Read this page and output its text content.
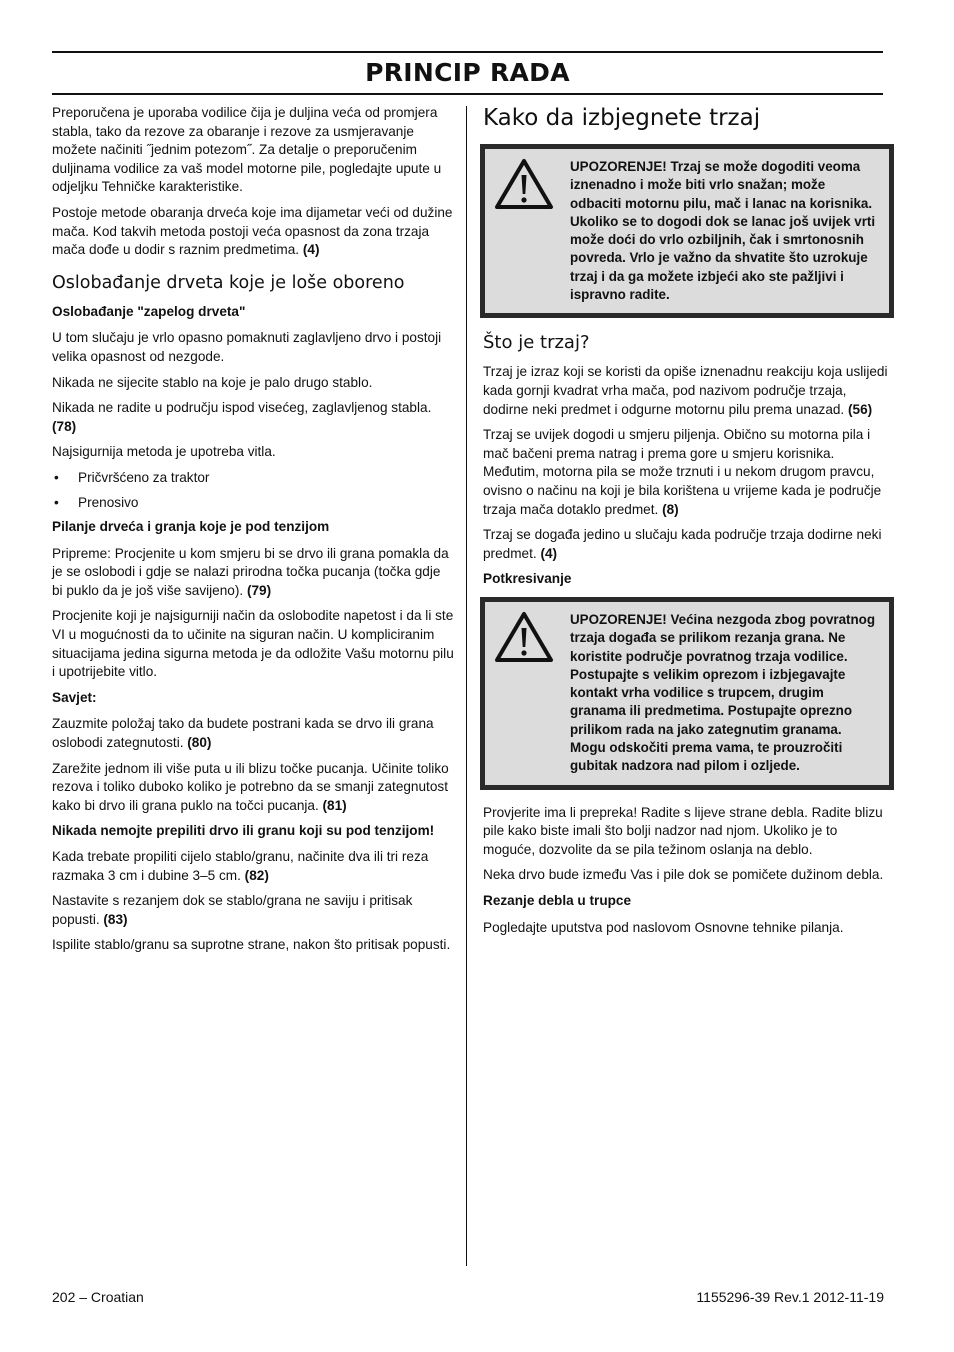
PRINCIP RADA

Preporučena je uporaba vodilice čija je duljina veća od promjera stabla, tako da rezove za obaranje i rezove za usmjeravanje možete načiniti ˝jednim potezom˝. Za detalje o preporučenim duljinama vodilice za vaš model motorne pile, pogledajte upute u odjeljku Tehničke karakteristike.

Postoje metode obaranja drveća koje ima dijametar veći od dužine mača. Kod takvih metoda postoji veća opasnost da zona trzaja mača dođe u dodir s raznim predmetima. (4)

Oslobađanje drveta koje je loše oboreno
Oslobađanje "zapelog drveta"

U tom slučaju je vrlo opasno pomaknuti zaglavljeno drvo i postoji velika opasnost od nezgode.

Nikada ne sijecite stablo na koje je palo drugo stablo.

Nikada ne radite u području ispod visećeg, zaglavljenog stabla. (78)

Najsigurnija metoda je upotreba vitla.

• Pričvršćeno za traktor
• Prenosivo
Pilanje drveća i granja koje je pod tenzijom

Pripreme: Procjenite u kom smjeru bi se drvo ili grana pomakla da je se oslobodi i gdje se nalazi prirodna točka pucanja (točka gdje bi puklo da je još više savijeno). (79)

Procjenite koji je najsigurniji način da oslobodite napetost i da li ste VI u mogućnosti da to učinite na siguran način. U kompliciranim situacijama jedina sigurna metoda je da odložite Vašu motornu pilu i upotrijebite vitlo.

Savjet:

Zauzmite položaj tako da budete postrani kada se drvo ili grana oslobodi zategnutosti. (80)

Zarežite jednom ili više puta u ili blizu točke pucanja. Učinite toliko rezova i toliko duboko koliko je potrebno da se smanji zategnutost kako bi drvo ili grana puklo na točci pucanja. (81)

Nikada nemojte prepiliti drvo ili granu koji su pod tenzijom!

Kada trebate propiliti cijelo stablo/granu, načinite dva ili tri reza razmaka 3 cm i dubine 3–5 cm. (82)

Nastavite s rezanjem dok se stablo/grana ne saviju i pritisak popusti. (83)

Ispilite stablo/granu sa suprotne strane, nakon što pritisak popusti.

Kako da izbjegnete trzaj
UPOZORENJE! Trzaj se može dogoditi veoma iznenadno i može biti vrlo snažan; može odbaciti motornu pilu, mač i lanac na korisnika. Ukoliko se to dogodi dok se lanac još uvijek vrti može doći do vrlo ozbiljnih, čak i smrtonosnih povreda. Vrlo je važno da shvatite što uzrokuje trzaj i da ga možete izbjeći ako ste pažljivi i ispravno radite.
Što je trzaj?

Trzaj je izraz koji se koristi da opiše iznenadnu reakciju koja uslijedi kada gornji kvadrat vrha mača, pod nazivom područje trzaja, dodirne neki predmet i odgurne motornu pilu prema unazad. (56)

Trzaj se uvijek dogodi u smjeru piljenja. Obično su motorna pila i mač bačeni prema natrag i prema gore u smjeru korisnika. Međutim, motorna pila se može trznuti i u nekom drugom pravcu, ovisno o načinu na koji je bila korištena u vrijeme kada je područje trzaja mača dotaklo predmet. (8)

Trzaj se događa jedino u slučaju kada područje trzaja dodirne neki predmet. (4)

Potkresivanje
UPOZORENJE! Većina nezgoda zbog povratnog trzaja događa se prilikom rezanja grana. Ne koristite područje povratnog trzaja vodilice. Postupajte s velikim oprezom i izbjegavajte kontakt vrha vodilice s trupcem, drugim granama ili predmetima. Postupajte oprezno prilikom rada na jako zategnutim granama. Mogu odskočiti prema vama, te prouzročiti gubitak nadzora nad pilom i ozljede.

Provjerite ima li prepreka! Radite s lijeve strane debla. Radite blizu pile kako biste imali što bolji nadzor nad njom. Ukoliko je to moguće, dozvolite da se pila težinom oslanja na deblo.

Neka drvo bude između Vas i pile dok se pomičete dužinom debla.

Rezanje debla u trupce

Pogledajte uputstva pod naslovom Osnovne tehnike pilanja.

202 – Croatian	1155296-39 Rev.1 2012-11-19
